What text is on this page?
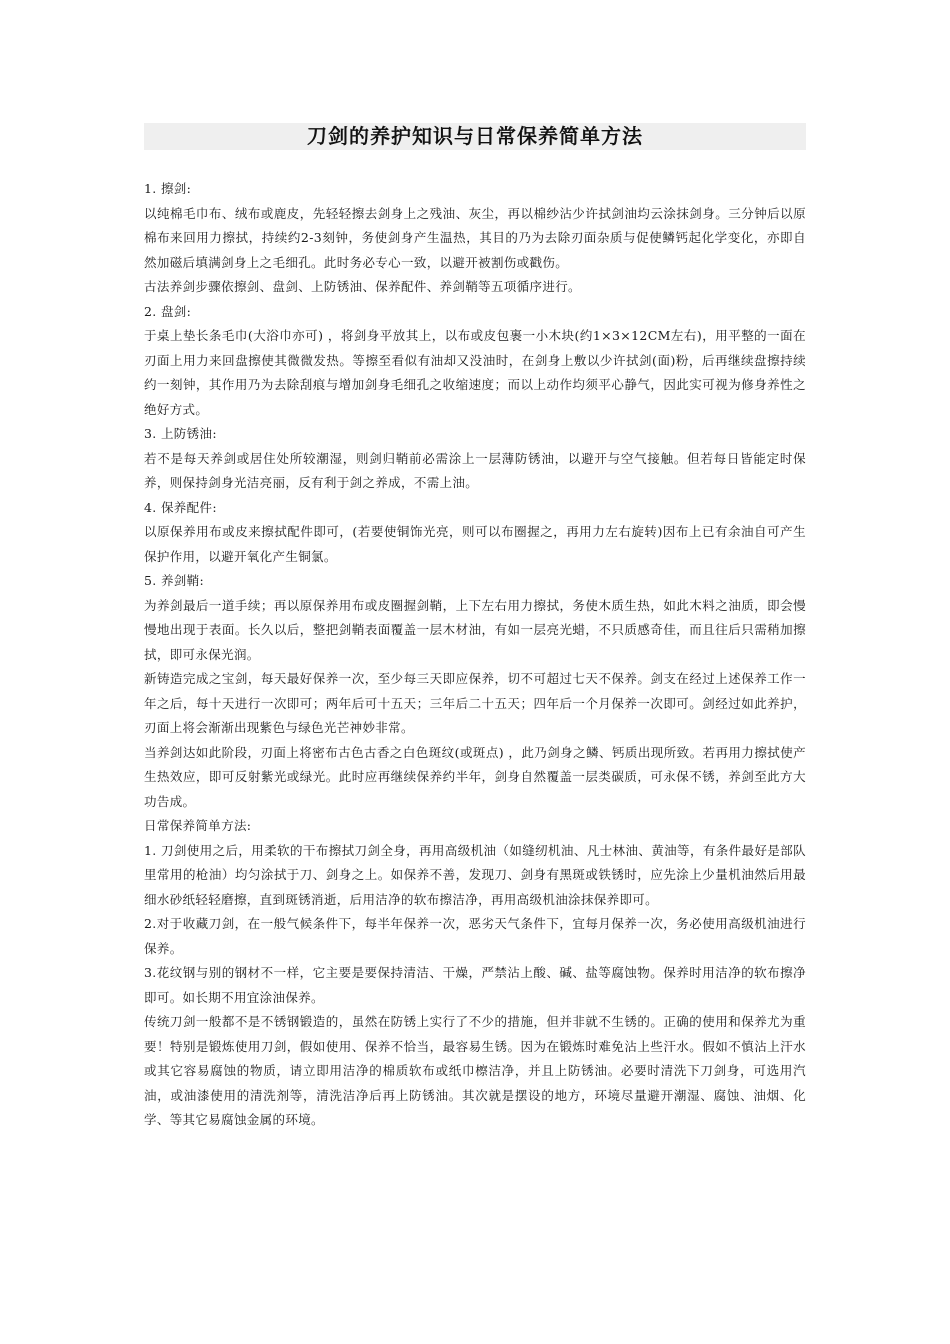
刀剑的养护知识与日常保养简单方法

1. 擦剑:

以纯棉毛巾布、绒布或鹿皮，先轻轻擦去剑身上之残油、灰尘，再以棉纱沾少许拭剑油均云涂抹剑身。三分钟后以原棉布来回用力擦拭，持续约2-3刻钟，务使剑身产生温热，其目的乃为去除刃面杂质与促使鳞钙起化学变化，亦即自然加磁后填满剑身上之毛细孔。此时务必专心一致，以避开被割伤或戳伤。

古法养剑步骤依擦剑、盘剑、上防锈油、保养配件、养剑鞘等五项循序进行。

2. 盘剑:

于桌上垫长条毛巾(大浴巾亦可) ，将剑身平放其上，以布或皮包裹一小木块(约1×3×12CM左右)，用平整的一面在刃面上用力来回盘擦使其微微发热。等擦至看似有油却又没油时，在剑身上敷以少许拭剑(面)粉，后再继续盘擦持续约一刻钟，其作用乃为去除刮痕与增加剑身毛细孔之收缩速度；而以上动作均须平心静气，因此实可视为修身养性之绝好方式。

3. 上防锈油:

若不是每天养剑或居住处所较潮湿，则剑归鞘前必需涂上一层薄防锈油，以避开与空气接触。但若每日皆能定时保养，则保持剑身光洁亮丽，反有利于剑之养成，不需上油。

4. 保养配件:

以原保养用布或皮来擦拭配件即可，(若要使铜饰光亮，则可以布圈握之，再用力左右旋转)因布上已有余油自可产生保护作用，以避开氧化产生铜氯。

5. 养剑鞘:

为养剑最后一道手续；再以原保养用布或皮圈握剑鞘，上下左右用力擦拭，务使木质生热，如此木料之油质，即会慢慢地出现于表面。长久以后，整把剑鞘表面覆盖一层木材油，有如一层亮光蜡，不只质感奇佳，而且往后只需稍加擦拭，即可永保光润。

新铸造完成之宝剑，每天最好保养一次，至少每三天即应保养，切不可超过七天不保养。剑支在经过上述保养工作一年之后，每十天进行一次即可；两年后可十五天；三年后二十五天；四年后一个月保养一次即可。剑经过如此养护，刃面上将会渐渐出现紫色与绿色光芒神妙非常。

当养剑达如此阶段，刃面上将密布古色古香之白色斑纹(或斑点) ，此乃剑身之鳞、钙质出现所致。若再用力擦拭使产生热效应，即可反射紫光或绿光。此时应再继续保养约半年，剑身自然覆盖一层类碳质，可永保不锈，养剑至此方大功告成。

日常保养简单方法:

1. 刀剑使用之后，用柔软的干布擦拭刀剑全身，再用高级机油（如缝纫机油、凡士林油、黄油等，有条件最好是部队里常用的枪油）均匀涂拭于刀、剑身之上。如保养不善，发现刀、剑身有黑斑或铁锈时，应先涂上少量机油然后用最细水砂纸轻轻磨擦，直到斑锈消逝，后用洁净的软布擦洁净，再用高级机油涂抹保养即可。

2.对于收藏刀剑，在一般气候条件下，每半年保养一次，恶劣天气条件下，宜每月保养一次，务必使用高级机油进行保养。

3.花纹钢与别的钢材不一样，它主要是要保持清洁、干燥，严禁沾上酸、碱、盐等腐蚀物。保养时用洁净的软布擦净即可。如长期不用宜涂油保养。

传统刀剑一般都不是不锈钢锻造的，虽然在防锈上实行了不少的措施，但并非就不生锈的。正确的使用和保养尤为重要！特别是锻炼使用刀剑，假如使用、保养不恰当，最容易生锈。因为在锻炼时难免沾上些汗水。假如不慎沾上汗水或其它容易腐蚀的物质，请立即用洁净的棉质软布或纸巾檫洁净，并且上防锈油。必要时清洗下刀剑身，可选用汽油，或油漆使用的清洗剂等，清洗洁净后再上防锈油。其次就是摆设的地方，环境尽量避开潮湿、腐蚀、油烟、化学、等其它易腐蚀金属的环境。
